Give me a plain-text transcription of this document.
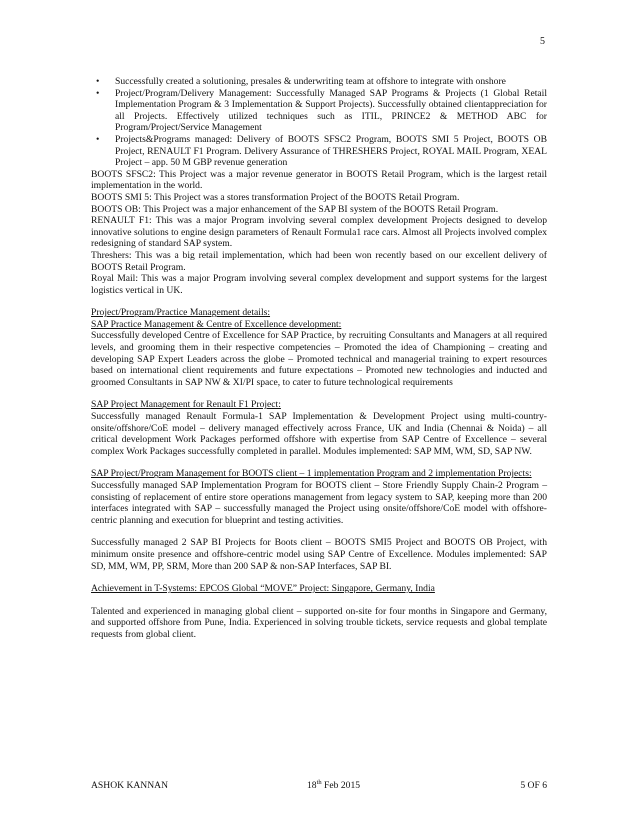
5
• Successfully created a solutioning, presales & underwriting team at offshore to integrate with onshore
• Project/Program/Delivery Management: Successfully Managed SAP Programs & Projects (1 Global Retail Implementation Program & 3 Implementation & Support Projects). Successfully obtained clientappreciation for all Projects. Effectively utilized techniques such as ITIL, PRINCE2 & METHOD ABC for Program/Project/Service Management
• Projects&Programs managed: Delivery of BOOTS SFSC2 Program, BOOTS SMI 5 Project, BOOTS OB Project, RENAULT F1 Program. Delivery Assurance of THRESHERS Project, ROYAL MAIL Program, XEAL Project – app. 50 M GBP revenue generation

BOOTS SFSC2: This Project was a major revenue generator in BOOTS Retail Program, which is the largest retail implementation in the world.

BOOTS SMI 5: This Project was a stores transformation Project of the BOOTS Retail Program.

BOOTS OB: This Project was a major enhancement of the SAP BI system of the BOOTS Retail Program.

RENAULT F1: This was a major Program involving several complex development Projects designed to develop innovative solutions to engine design parameters of Renault Formula1 race cars. Almost all Projects involved complex redesigning of standard SAP system.

Threshers: This was a big retail implementation, which had been won recently based on our excellent delivery of BOOTS Retail Program.

Royal Mail: This was a major Program involving several complex development and support systems for the largest logistics vertical in UK.

Project/Program/Practice Management details:

SAP Practice Management & Centre of Excellence development:

Successfully developed Centre of Excellence for SAP Practice, by recruiting Consultants and Managers at all required levels, and grooming them in their respective competencies – Promoted the idea of Championing – creating and developing SAP Expert Leaders across the globe – Promoted technical and managerial training to expert resources based on international client requirements and future expectations – Promoted new technologies and inducted and groomed Consultants in SAP NW & XI/PI space, to cater to future technological requirements

SAP Project Management for Renault F1 Project:

Successfully managed Renault Formula-1 SAP Implementation & Development Project using multi-country-onsite/offshore/CoE model – delivery managed effectively across France, UK and India (Chennai & Noida) – all critical development Work Packages performed offshore with expertise from SAP Centre of Excellence – several complex Work Packages successfully completed in parallel. Modules implemented: SAP MM, WM, SD, SAP NW.

SAP Project/Program Management for BOOTS client – 1 implementation Program and 2 implementation Projects:

Successfully managed SAP Implementation Program for BOOTS client – Store Friendly Supply Chain-2 Program – consisting of replacement of entire store operations management from legacy system to SAP, keeping more than 200 interfaces integrated with SAP – successfully managed the Project using onsite/offshore/CoE model with offshore-centric planning and execution for blueprint and testing activities.

Successfully managed 2 SAP BI Projects for Boots client – BOOTS SMI5 Project and BOOTS OB Project, with minimum onsite presence and offshore-centric model using SAP Centre of Excellence. Modules implemented: SAP SD, MM, WM, PP, SRM, More than 200 SAP & non-SAP Interfaces, SAP BI.

Achievement in T-Systems: EPCOS Global “MOVE” Project: Singapore, Germany, India

Talented and experienced in managing global client – supported on-site for four months in Singapore and Germany, and supported offshore from Pune, India. Experienced in solving trouble tickets, service requests and global template requests from global client.

ASHOK KANNAN	18th Feb 2015	5 OF 6
